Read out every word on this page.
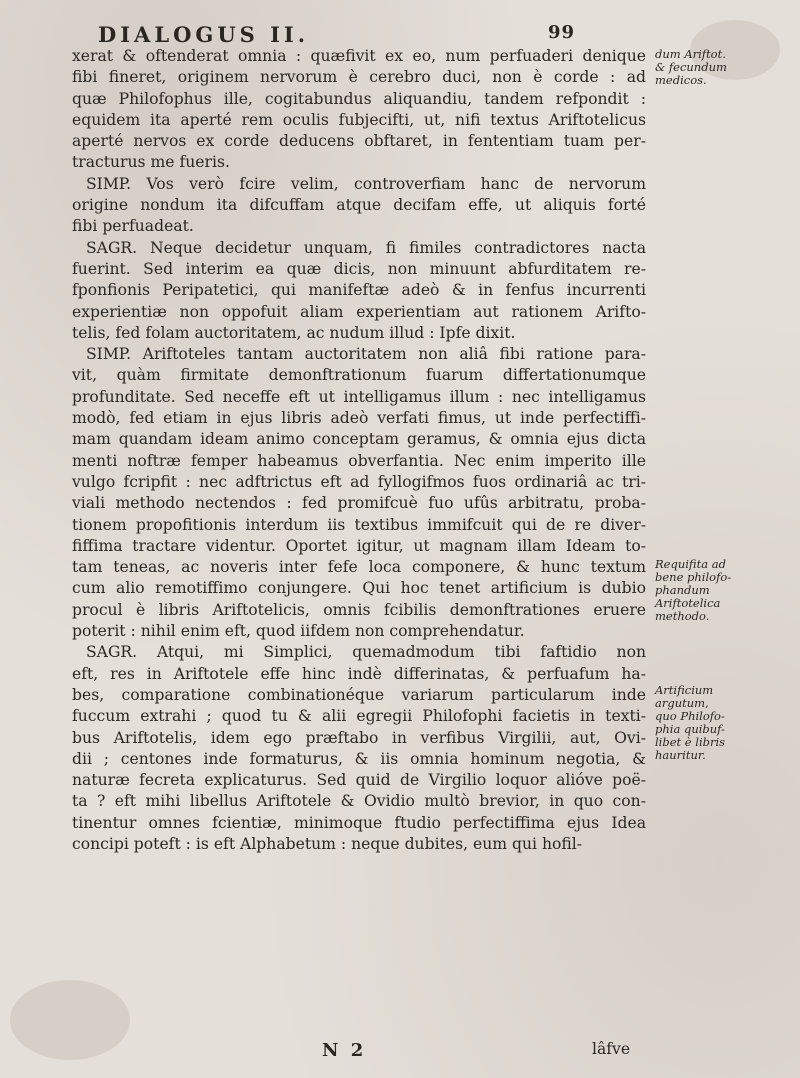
DIALOGUS II.	99
xerat & oftenderat omnia : quæfivit ex eo, num perfuaderi denique
fibi fineret, originem nervorum è cerebro duci, non è corde : ad
quæ Philofophus ille, cogitabundus aliquandiu, tandem refpondit :
equidem ita aperté rem oculis fubjecifti, ut, nifi textus Ariftotelicus
aperté nervos ex corde deducens obftaret, in fententiam tuam per-
tracturus me fueris.
SIMP. Vos verò fcire velim, controverfiam hanc de nervorum
origine nondum ita difcuffam atque decifam effe, ut aliquis forté
fibi perfuadeat.
SAGR. Neque decidetur unquam, fi fimiles contradictores nacta
fuerint. Sed interim ea quæ dicis, non minuunt abfurditatem re-
fponfionis Peripatetici, qui manifeftæ adeò & in fenfus incurrenti
experientiæ non oppofuit aliam experientiam aut rationem Arifto-
telis, fed folam auctoritatem, ac nudum illud : Ipfe dixit.
SIMP. Ariftoteles tantam auctoritatem non aliâ fibi ratione para-
vit, quàm firmitate demonftrationum fuarum differtationumque
profunditate. Sed neceffe eft ut intelligamus illum : nec intelligamus
modò, fed etiam in ejus libris adeò verfati fimus, ut inde perfectiffi-
mam quandam ideam animo conceptam geramus, & omnia ejus dicta
menti noftræ femper habeamus obverfantia. Nec enim imperito ille
vulgo fcripfit : nec adftrictus eft ad fyllogifmos fuos ordinariâ ac tri-
viali methodo nectendos : fed promifcuè fuo ufûs arbitratu, proba-
tionem propofitionis interdum iis textibus immifcuit qui de re diver-
fiffima tractare videntur. Oportet igitur, ut magnam illam Ideam to-
tam teneas, ac noveris inter fefe loca componere, & hunc textum
cum alio remotiffimo conjungere. Qui hoc tenet artificium is dubio
procul è libris Ariftotelicis, omnis fcibilis demonftrationes eruere
poterit : nihil enim eft, quod iifdem non comprehendatur.
SAGR. Atqui, mi Simplici, quemadmodum tibi faftidio non
eft, res in Ariftotele effe hinc indè differinatas, & perfuafum ha-
bes, comparatione combinationéque variarum particularum inde
fuccum extrahi ; quod tu & alii egregii Philofophi facietis in texti-
bus Ariftotelis, idem ego præftabo in verfibus Virgilii, aut, Ovi-
dii ; centones inde formaturus, & iis omnia hominum negotia, &
naturæ fecreta explicaturus. Sed quid de Virgilio loquor alióve poë-
ta ? eft mihi libellus Ariftotele & Ovidio multò brevior, in quo con-
tinentur omnes fcientiæ, minimoque ftudio perfectiffima ejus Idea
concipi poteft : is eft Alphabetum : neque dubites, eum qui hofil-
dum Ariftot.
& fecundum
medicos.
Requifita ad
bene philofo-
phandum
Ariftotelica
methodo.
Artificium
argutum,
quo Philofo-
phia quibuf-
libet è libris
hauritur.
N 2	lâfve
